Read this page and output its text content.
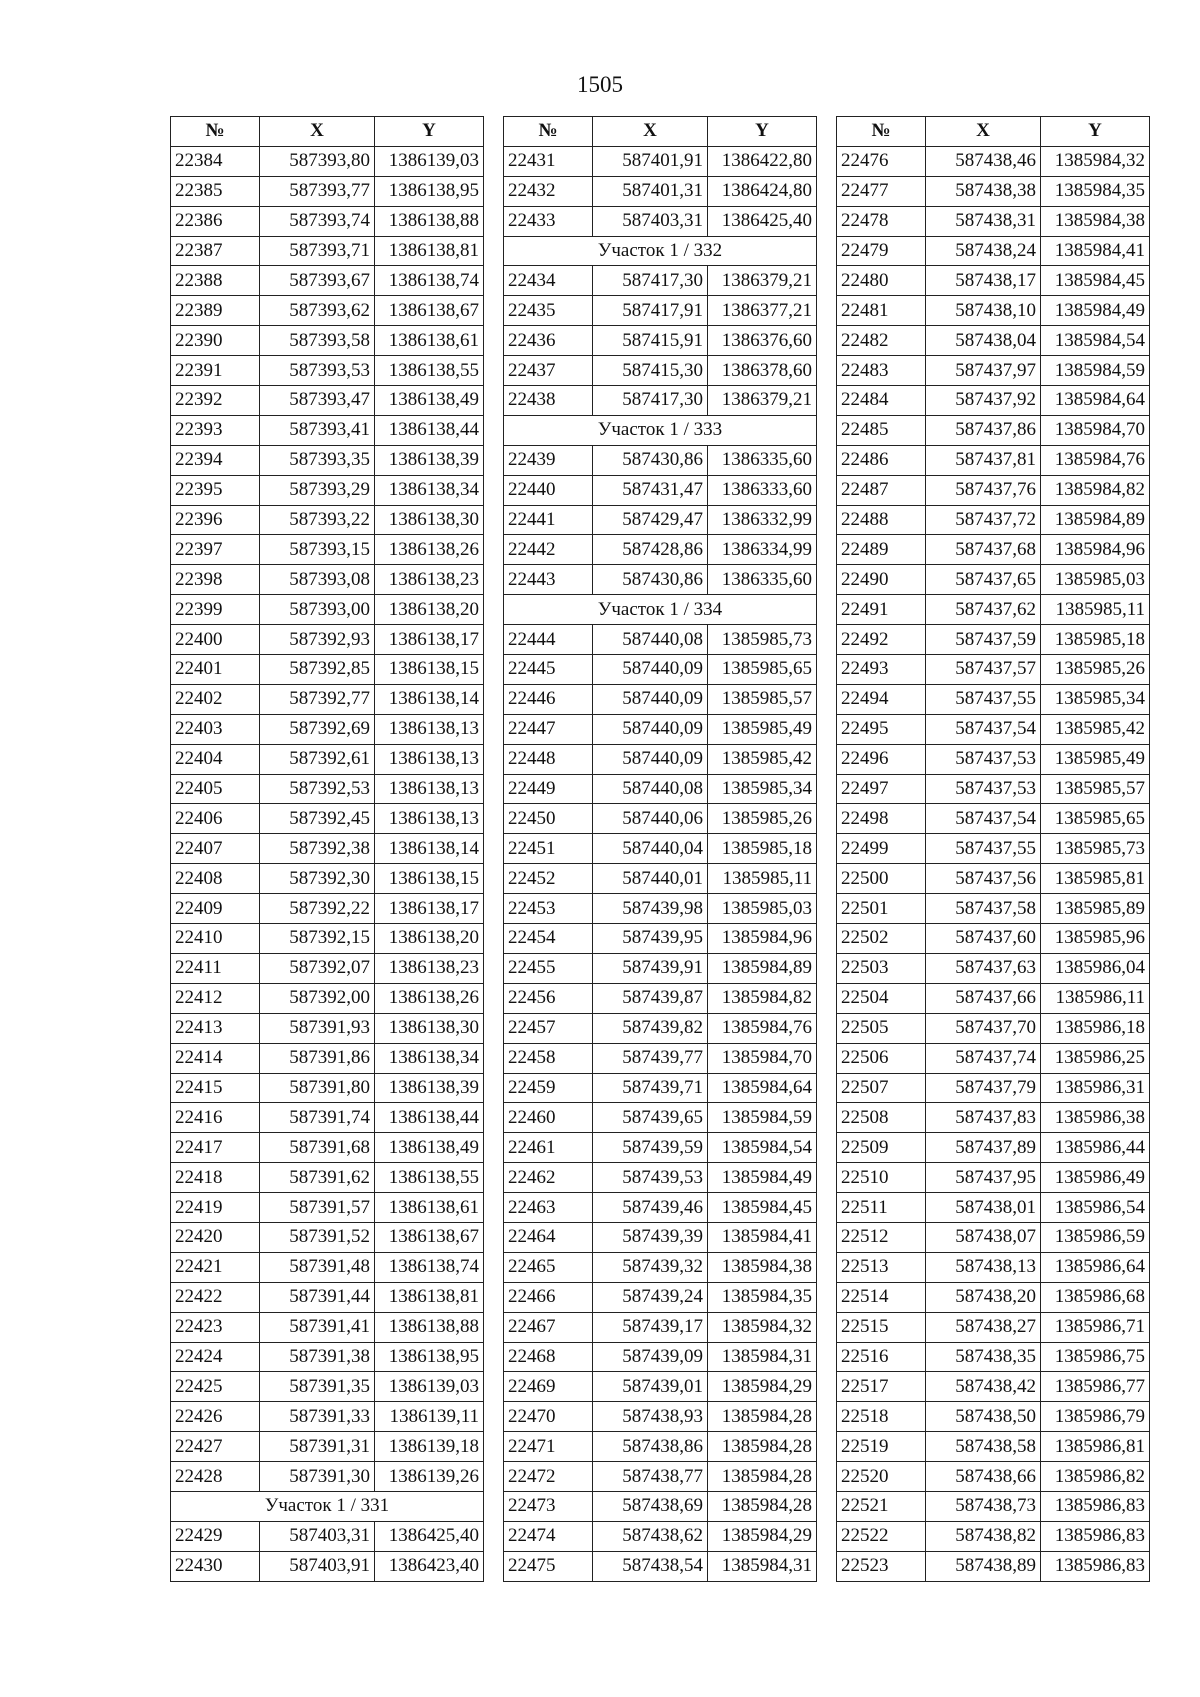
1505
№	X	Y
22384	587393,80	1386139,03
22385	587393,77	1386138,95
22386	587393,74	1386138,88
22387	587393,71	1386138,81
22388	587393,67	1386138,74
22389	587393,62	1386138,67
22390	587393,58	1386138,61
22391	587393,53	1386138,55
22392	587393,47	1386138,49
22393	587393,41	1386138,44
22394	587393,35	1386138,39
22395	587393,29	1386138,34
22396	587393,22	1386138,30
22397	587393,15	1386138,26
22398	587393,08	1386138,23
22399	587393,00	1386138,20
22400	587392,93	1386138,17
22401	587392,85	1386138,15
22402	587392,77	1386138,14
22403	587392,69	1386138,13
22404	587392,61	1386138,13
22405	587392,53	1386138,13
22406	587392,45	1386138,13
22407	587392,38	1386138,14
22408	587392,30	1386138,15
22409	587392,22	1386138,17
22410	587392,15	1386138,20
22411	587392,07	1386138,23
22412	587392,00	1386138,26
22413	587391,93	1386138,30
22414	587391,86	1386138,34
22415	587391,80	1386138,39
22416	587391,74	1386138,44
22417	587391,68	1386138,49
22418	587391,62	1386138,55
22419	587391,57	1386138,61
22420	587391,52	1386138,67
22421	587391,48	1386138,74
22422	587391,44	1386138,81
22423	587391,41	1386138,88
22424	587391,38	1386138,95
22425	587391,35	1386139,03
22426	587391,33	1386139,11
22427	587391,31	1386139,18
22428	587391,30	1386139,26
Участок 1 / 331		
22429	587403,31	1386425,40
22430	587403,91	1386423,40
№	X	Y
22431	587401,91	1386422,80
22432	587401,31	1386424,80
22433	587403,31	1386425,40
Участок 1 / 332		
22434	587417,30	1386379,21
22435	587417,91	1386377,21
22436	587415,91	1386376,60
22437	587415,30	1386378,60
22438	587417,30	1386379,21
Участок 1 / 333		
22439	587430,86	1386335,60
22440	587431,47	1386333,60
22441	587429,47	1386332,99
22442	587428,86	1386334,99
22443	587430,86	1386335,60
Участок 1 / 334		
22444	587440,08	1385985,73
22445	587440,09	1385985,65
22446	587440,09	1385985,57
22447	587440,09	1385985,49
22448	587440,09	1385985,42
22449	587440,08	1385985,34
22450	587440,06	1385985,26
22451	587440,04	1385985,18
22452	587440,01	1385985,11
22453	587439,98	1385985,03
22454	587439,95	1385984,96
22455	587439,91	1385984,89
22456	587439,87	1385984,82
22457	587439,82	1385984,76
22458	587439,77	1385984,70
22459	587439,71	1385984,64
22460	587439,65	1385984,59
22461	587439,59	1385984,54
22462	587439,53	1385984,49
22463	587439,46	1385984,45
22464	587439,39	1385984,41
22465	587439,32	1385984,38
22466	587439,24	1385984,35
22467	587439,17	1385984,32
22468	587439,09	1385984,31
22469	587439,01	1385984,29
22470	587438,93	1385984,28
22471	587438,86	1385984,28
22472	587438,77	1385984,28
22473	587438,69	1385984,28
22474	587438,62	1385984,29
22475	587438,54	1385984,31
№	X	Y
22476	587438,46	1385984,32
22477	587438,38	1385984,35
22478	587438,31	1385984,38
22479	587438,24	1385984,41
22480	587438,17	1385984,45
22481	587438,10	1385984,49
22482	587438,04	1385984,54
22483	587437,97	1385984,59
22484	587437,92	1385984,64
22485	587437,86	1385984,70
22486	587437,81	1385984,76
22487	587437,76	1385984,82
22488	587437,72	1385984,89
22489	587437,68	1385984,96
22490	587437,65	1385985,03
22491	587437,62	1385985,11
22492	587437,59	1385985,18
22493	587437,57	1385985,26
22494	587437,55	1385985,34
22495	587437,54	1385985,42
22496	587437,53	1385985,49
22497	587437,53	1385985,57
22498	587437,54	1385985,65
22499	587437,55	1385985,73
22500	587437,56	1385985,81
22501	587437,58	1385985,89
22502	587437,60	1385985,96
22503	587437,63	1385986,04
22504	587437,66	1385986,11
22505	587437,70	1385986,18
22506	587437,74	1385986,25
22507	587437,79	1385986,31
22508	587437,83	1385986,38
22509	587437,89	1385986,44
22510	587437,95	1385986,49
22511	587438,01	1385986,54
22512	587438,07	1385986,59
22513	587438,13	1385986,64
22514	587438,20	1385986,68
22515	587438,27	1385986,71
22516	587438,35	1385986,75
22517	587438,42	1385986,77
22518	587438,50	1385986,79
22519	587438,58	1385986,81
22520	587438,66	1385986,82
22521	587438,73	1385986,83
22522	587438,82	1385986,83
22523	587438,89	1385986,83
